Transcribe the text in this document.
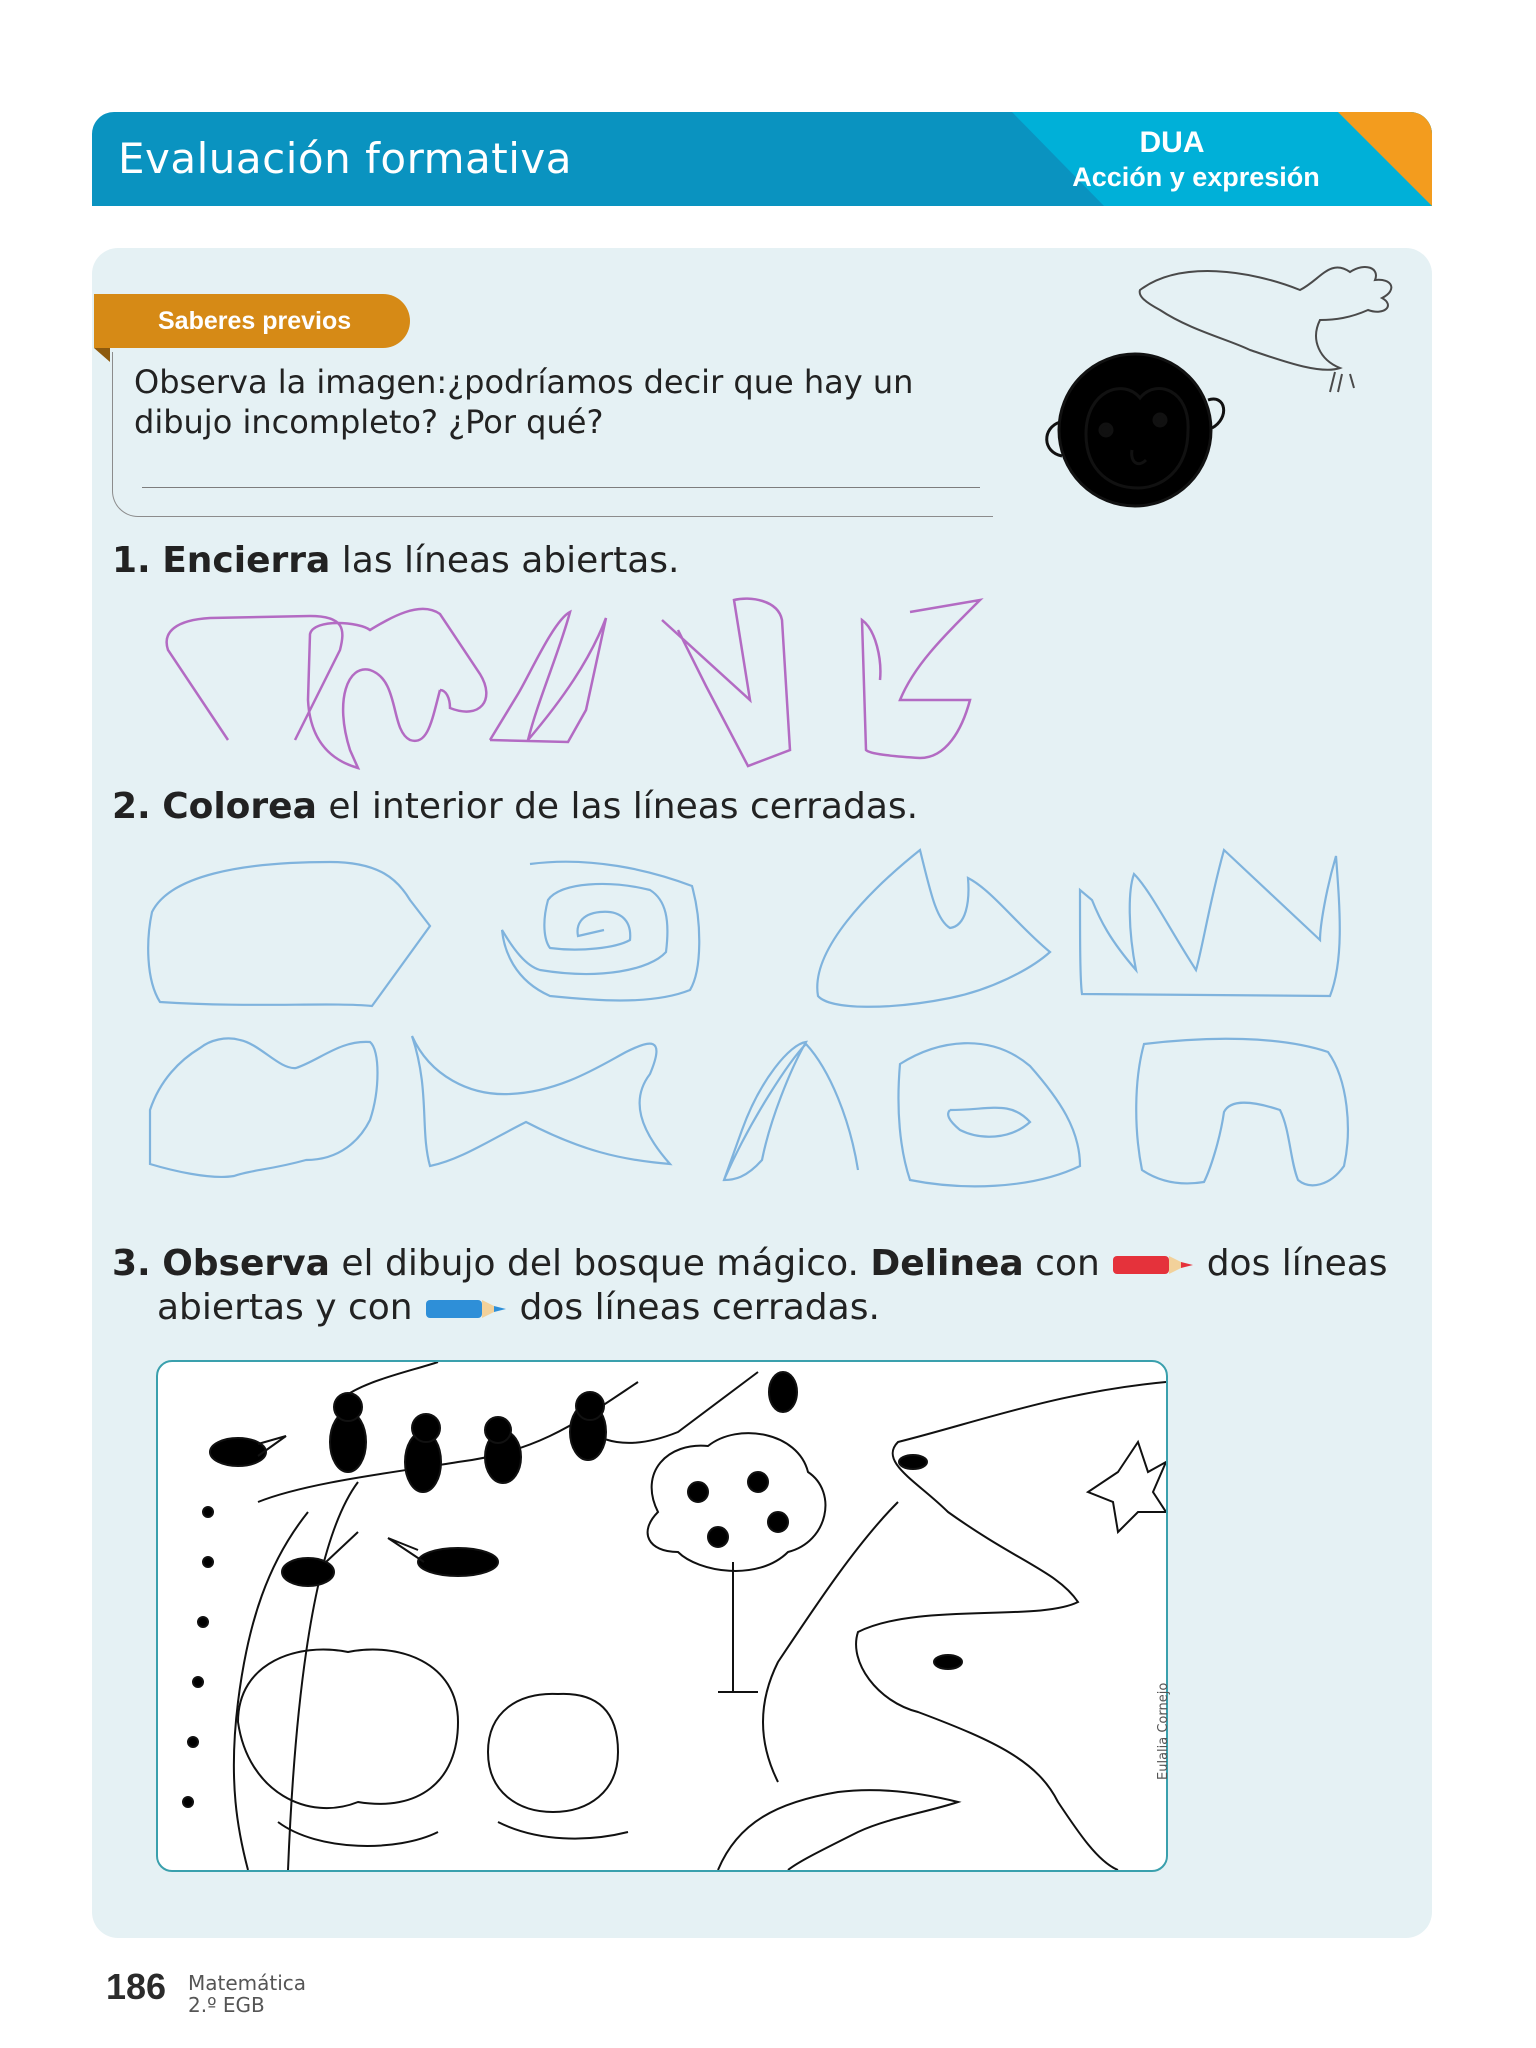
Evaluación formativa	DUA
Acción y expresión
Saberes previos
Observa la imagen:¿podríamos decir que hay un dibujo incompleto? ¿Por qué?
1. Encierra las líneas abiertas.
2. Colorea el interior de las líneas cerradas.
3. Observa el dibujo del bosque mágico. Delinea con	dos líneas
abiertas y con	dos líneas cerradas.
Eulalia Cornejo
186 Matemática
2.º EGB
